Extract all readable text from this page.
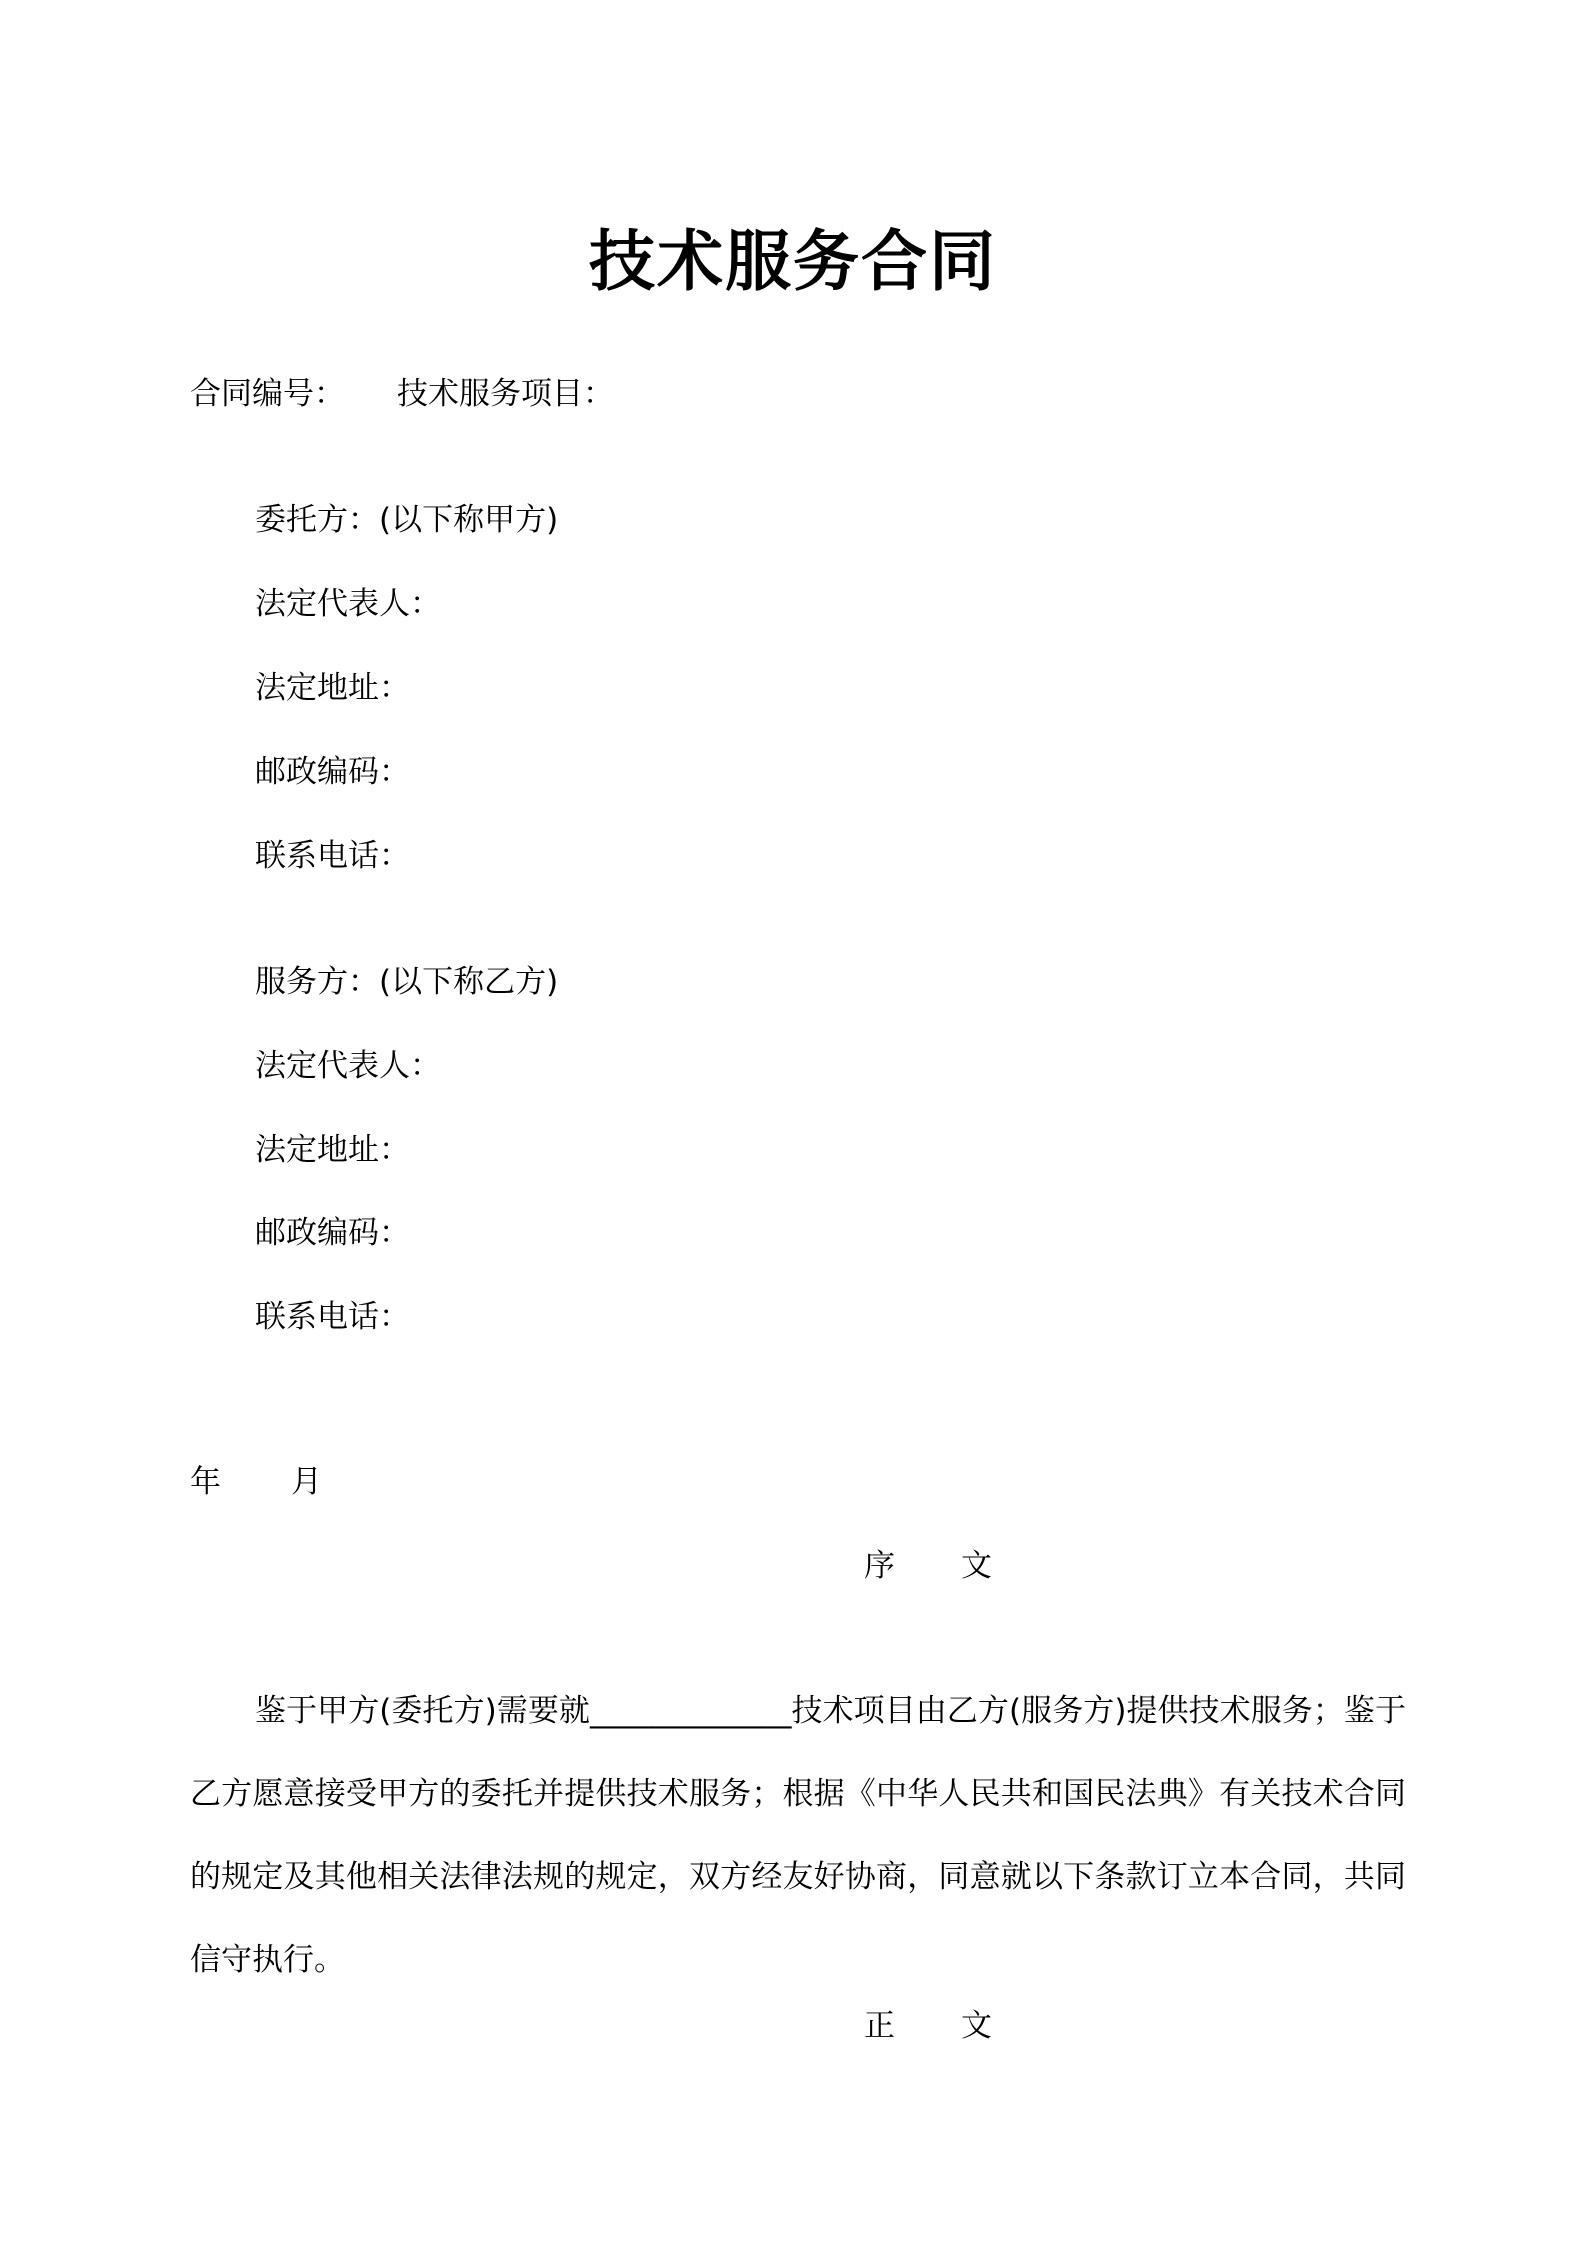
技术服务合同
合同编号： 技术服务项目：
委托方：(以下称甲方)
法定代表人：
法定地址：
邮政编码：
联系电话：
服务方：(以下称乙方)
法定代表人：
法定地址：
邮政编码：
联系电话：
年 月
序 文
鉴于甲方(委托方)需要就_____________技术项目由乙方(服务方)提供技术服务；鉴于乙方愿意接受甲方的委托并提供技术服务；根据《中华人民共和国民法典》有关技术合同的规定及其他相关法律法规的规定，双方经友好协商，同意就以下条款订立本合同，共同信守执行。
正 文
